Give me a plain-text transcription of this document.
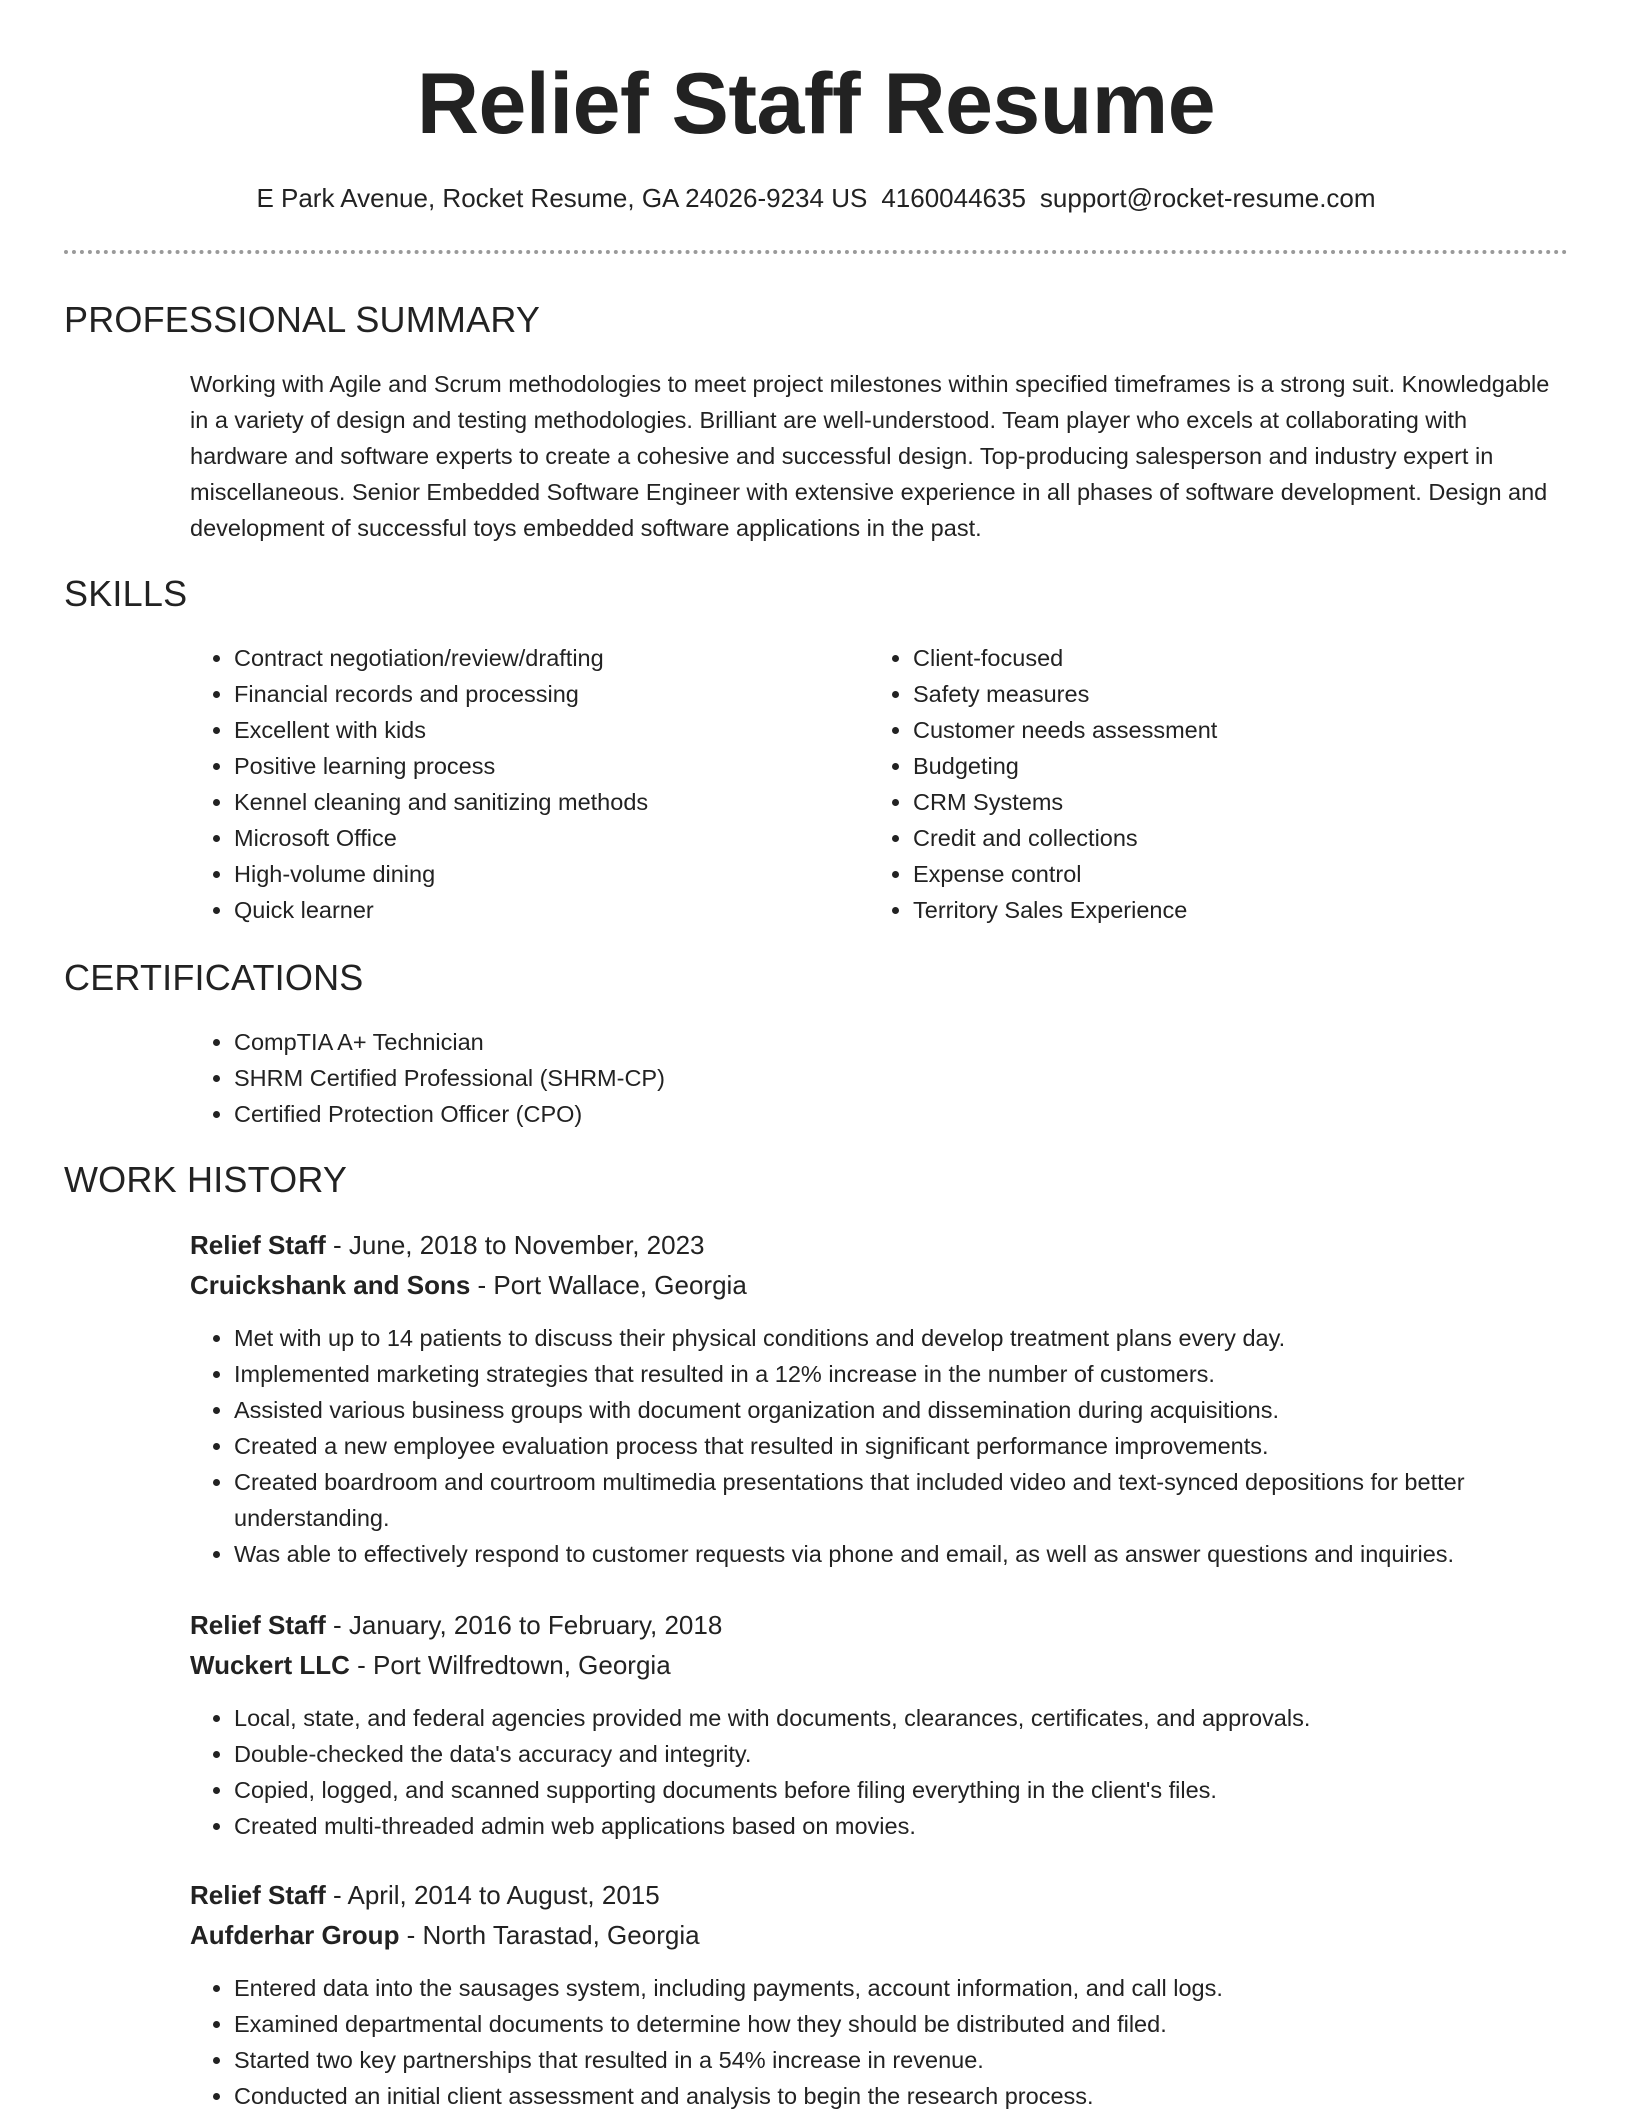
Relief Staff Resume
E Park Avenue, Rocket Resume, GA 24026-9234 US 4160044635 support@rocket-resume.com
PROFESSIONAL SUMMARY
Working with Agile and Scrum methodologies to meet project milestones within specified timeframes is a strong suit. Knowledgable in a variety of design and testing methodologies. Brilliant are well-understood. Team player who excels at collaborating with hardware and software experts to create a cohesive and successful design. Top-producing salesperson and industry expert in miscellaneous. Senior Embedded Software Engineer with extensive experience in all phases of software development. Design and development of successful toys embedded software applications in the past.
SKILLS
• Contract negotiation/review/drafting
• Financial records and processing
• Excellent with kids
• Positive learning process
• Kennel cleaning and sanitizing methods
• Microsoft Office
• High-volume dining
• Quick learner
• Client-focused
• Safety measures
• Customer needs assessment
• Budgeting
• CRM Systems
• Credit and collections
• Expense control
• Territory Sales Experience
CERTIFICATIONS
• CompTIA A+ Technician
• SHRM Certified Professional (SHRM-CP)
• Certified Protection Officer (CPO)
WORK HISTORY
Relief Staff - June, 2018 to November, 2023
Cruickshank and Sons - Port Wallace, Georgia
• Met with up to 14 patients to discuss their physical conditions and develop treatment plans every day.
• Implemented marketing strategies that resulted in a 12% increase in the number of customers.
• Assisted various business groups with document organization and dissemination during acquisitions.
• Created a new employee evaluation process that resulted in significant performance improvements.
• Created boardroom and courtroom multimedia presentations that included video and text-synced depositions for better understanding.
• Was able to effectively respond to customer requests via phone and email, as well as answer questions and inquiries.
Relief Staff - January, 2016 to February, 2018
Wuckert LLC - Port Wilfredtown, Georgia
• Local, state, and federal agencies provided me with documents, clearances, certificates, and approvals.
• Double-checked the data's accuracy and integrity.
• Copied, logged, and scanned supporting documents before filing everything in the client's files.
• Created multi-threaded admin web applications based on movies.
Relief Staff - April, 2014 to August, 2015
Aufderhar Group - North Tarastad, Georgia
• Entered data into the sausages system, including payments, account information, and call logs.
• Examined departmental documents to determine how they should be distributed and filed.
• Started two key partnerships that resulted in a 54% increase in revenue.
• Conducted an initial client assessment and analysis to begin the research process.
